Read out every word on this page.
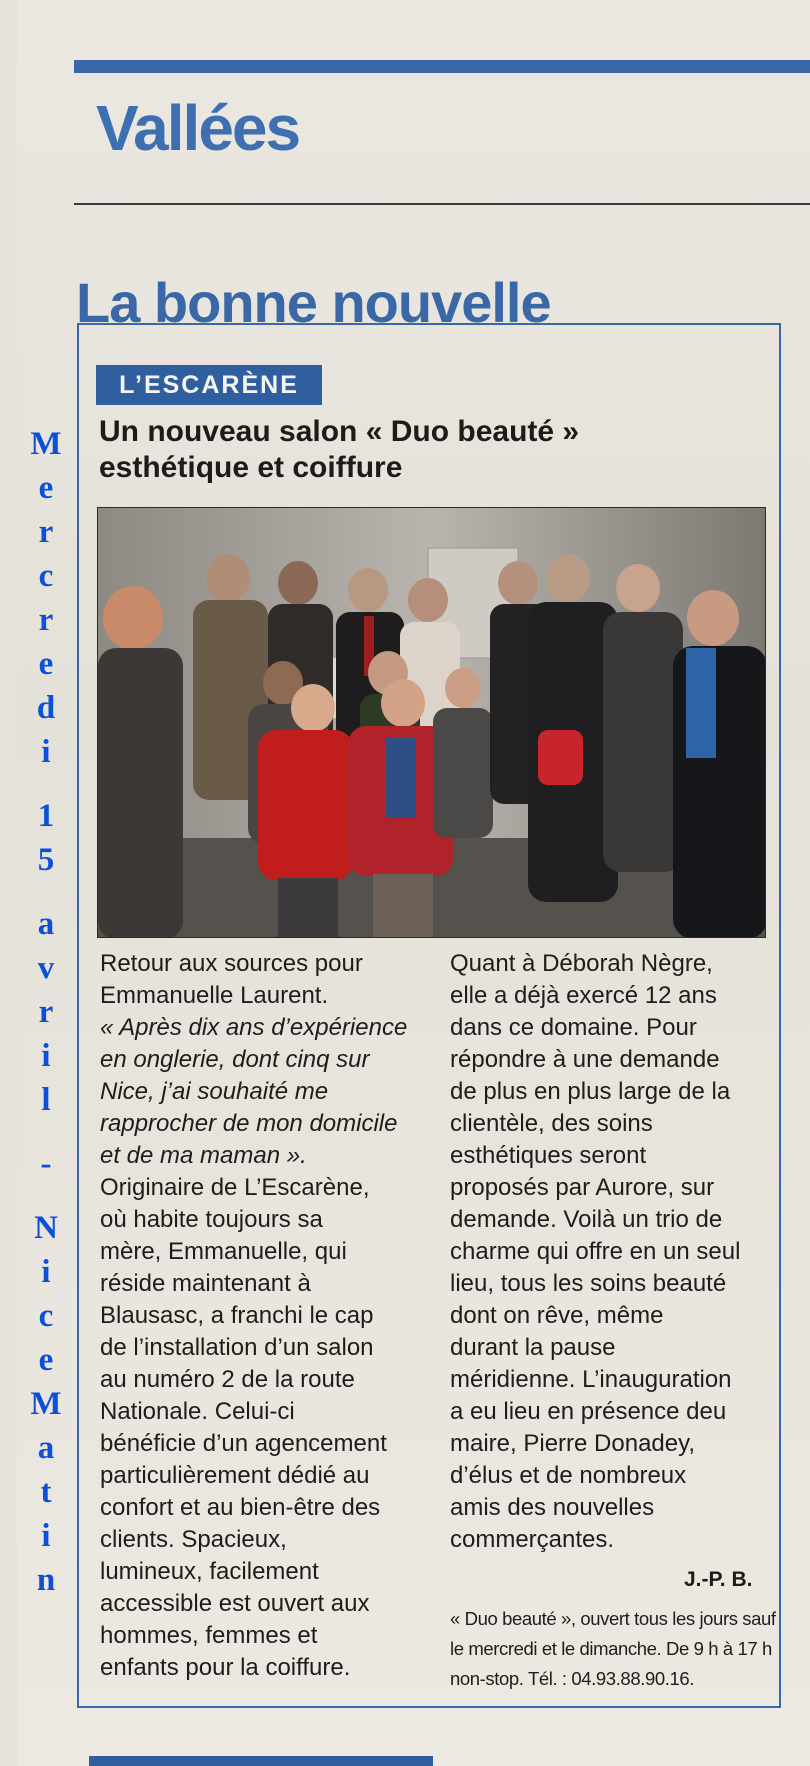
Vallées
La bonne nouvelle
L’ESCARÈNE
Un nouveau salon « Duo beauté »
esthétique et coiffure

Retour aux sources pour

Emmanuelle Laurent.

« Après dix ans d’expérience

en onglerie, dont cinq sur

Nice, j’ai souhaité me

rapprocher de mon domicile

et de ma maman ».

Originaire de L’Escarène,

où habite toujours sa

mère, Emmanuelle, qui

réside maintenant à

Blausasc, a franchi le cap

de l’installation d’un salon

au numéro 2 de la route

Nationale. Celui-ci

bénéficie d’un agencement

particulièrement dédié au

confort et au bien-être des

clients. Spacieux,

lumineux, facilement

accessible est ouvert aux

hommes, femmes et

enfants pour la coiffure.

Quant à Déborah Nègre,

elle a déjà exercé 12 ans

dans ce domaine. Pour

répondre à une demande

de plus en plus large de la

clientèle, des soins

esthétiques seront

proposés par Aurore, sur

demande. Voilà un trio de

charme qui offre en un seul

lieu, tous les soins beauté

dont on rêve, même

durant la pause

méridienne. L’inauguration

a eu lieu en présence deu

maire, Pierre Donadey,

d’élus et de nombreux

amis des nouvelles

commerçantes.

J.-P. B.
« Duo beauté », ouvert tous les jours sauf
le mercredi et le dimanche. De 9 h à 17 h
non-stop. Tél. : 04.93.88.90.16.
M
e
r
c
r
e
d
i
1
5
a
v
r
i
l
-
N
i
c
e
M
a
t
i
n
